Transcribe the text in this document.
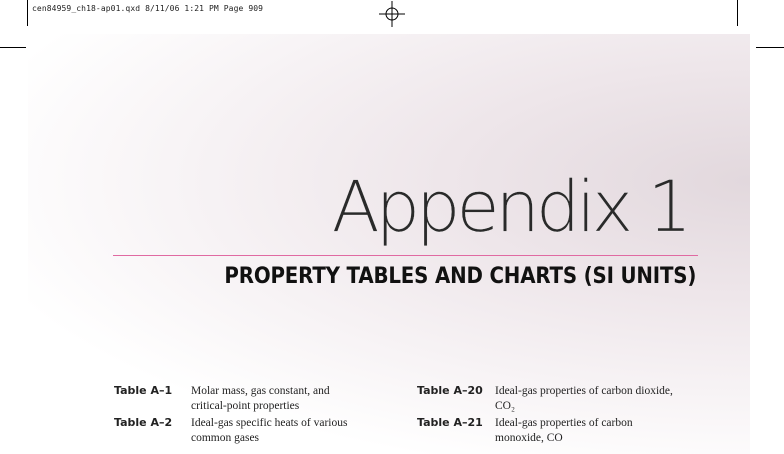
cen84959_ch18-ap01.qxd 8/11/06 1:21 PM Page 909
Appendix 1
PROPERTY TABLES AND CHARTS (SI UNITS)
Table A–1 Molar mass, gas constant, and
critical-point properties
Table A–2 Ideal-gas specific heats of various
common gases
Table A–20 Ideal-gas properties of carbon dioxide,
CO₂
Table A–21 Ideal-gas properties of carbon
monoxide, CO
